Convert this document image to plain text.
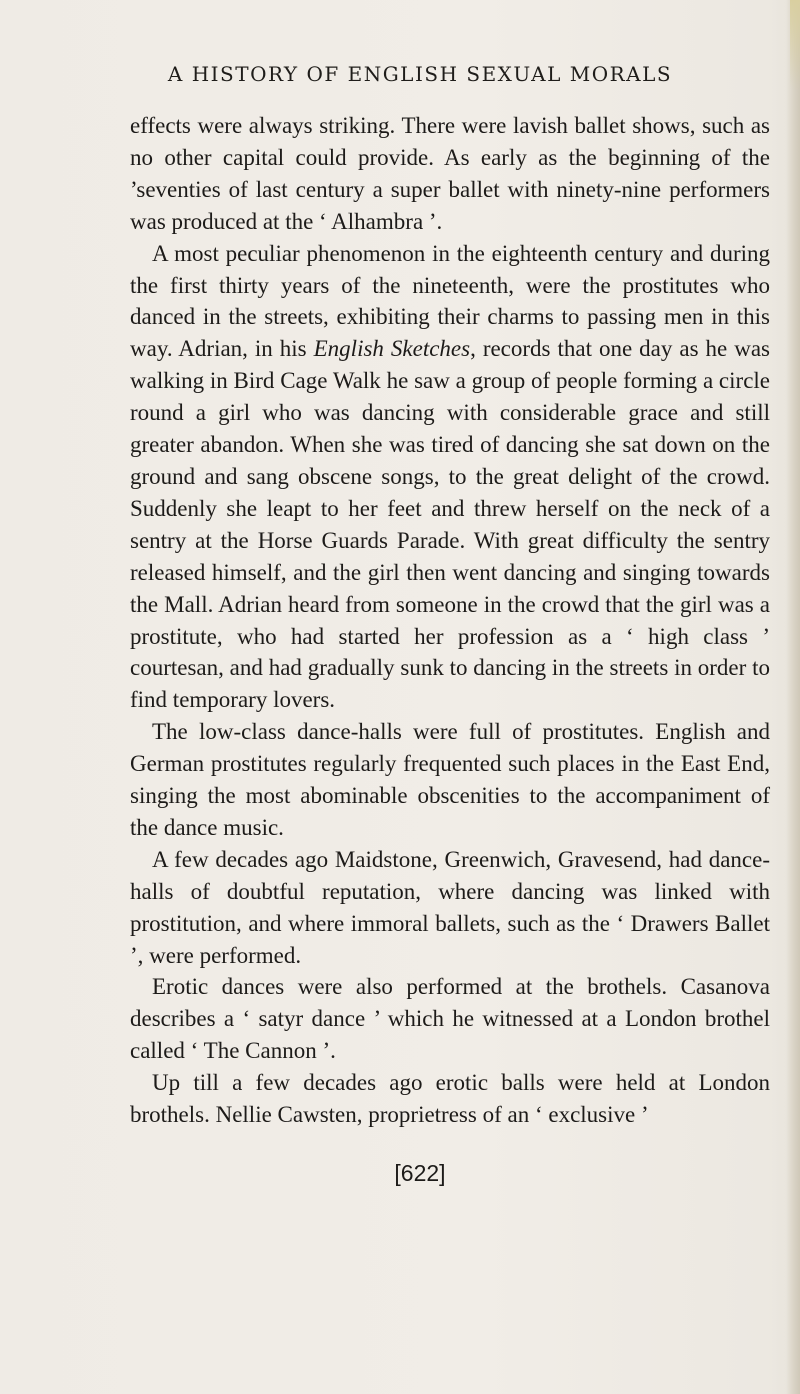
A HISTORY OF ENGLISH SEXUAL MORALS

effects were always striking. There were lavish ballet shows, such as no other capital could provide. As early as the beginning of the ’seventies of last century a super ballet with ninety-nine performers was produced at the ‘ Alhambra ’.

A most peculiar phenomenon in the eighteenth century and during the first thirty years of the nineteenth, were the prostitutes who danced in the streets, exhibiting their charms to passing men in this way. Adrian, in his English Sketches, records that one day as he was walking in Bird Cage Walk he saw a group of people forming a circle round a girl who was dancing with considerable grace and still greater abandon. When she was tired of dancing she sat down on the ground and sang obscene songs, to the great delight of the crowd. Suddenly she leapt to her feet and threw herself on the neck of a sentry at the Horse Guards Parade. With great difficulty the sentry released himself, and the girl then went dancing and singing towards the Mall. Adrian heard from someone in the crowd that the girl was a prostitute, who had started her profession as a ‘ high class ’ courtesan, and had gradually sunk to dancing in the streets in order to find temporary lovers.

The low-class dance-halls were full of prostitutes. English and German prostitutes regularly frequented such places in the East End, singing the most abominable obscenities to the accompaniment of the dance music.

A few decades ago Maidstone, Greenwich, Gravesend, had dance-halls of doubtful reputation, where dancing was linked with prostitution, and where immoral ballets, such as the ‘ Drawers Ballet ’, were performed.

Erotic dances were also performed at the brothels. Casanova describes a ‘ satyr dance ’ which he witnessed at a London brothel called ‘ The Cannon ’.

Up till a few decades ago erotic balls were held at London brothels. Nellie Cawsten, proprietress of an ‘ exclusive ’

[622]
